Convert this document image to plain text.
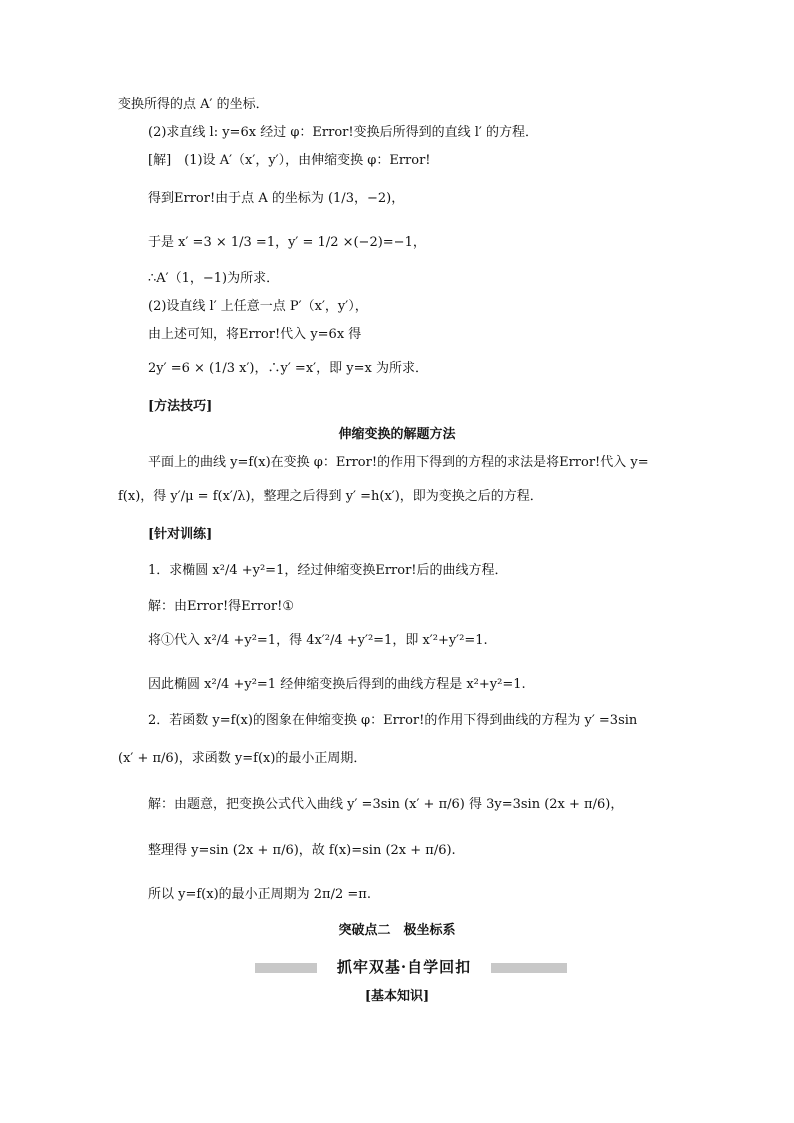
变换所得的点 A′ 的坐标．
(2)求直线 l: y=6x 经过 φ：Error!变换后所得到的直线 l′ 的方程．
[解]　(1)设 A′（x′，y′），由伸缩变换 φ：Error!
得到Error!由于点 A 的坐标为 (1/3，−2)，
于是 x′ =3 × 1/3 =1，y′ = 1/2 ×(−2)=−1，
∴A′（1，−1)为所求．
(2)设直线 l′ 上任意一点 P′（x′，y′），
由上述可知，将Error!代入 y=6x 得
2y′ =6 × (1/3 x′)，∴y′ =x′，即 y=x 为所求．
[方法技巧]
伸缩变换的解题方法
平面上的曲线 y=f(x)在变换 φ：Error!的作用下得到的方程的求法是将Error!代入 y=
f(x)，得 y′/μ = f(x′/λ)，整理之后得到 y′ =h(x′)，即为变换之后的方程．
[针对训练]
1．求椭圆 x²/4 +y²=1，经过伸缩变换Error!后的曲线方程．
解：由Error!得Error!①
将①代入 x²/4 +y²=1，得 4x′²/4 +y′²=1，即 x′²+y′²=1.
因此椭圆 x²/4 +y²=1 经伸缩变换后得到的曲线方程是 x²+y²=1.
2．若函数 y=f(x)的图象在伸缩变换 φ：Error!的作用下得到曲线的方程为 y′ =3sin
(x′ + π/6)，求函数 y=f(x)的最小正周期．
解：由题意，把变换公式代入曲线 y′ =3sin (x′ + π/6) 得 3y=3sin (2x + π/6)，
整理得 y=sin (2x + π/6)，故 f(x)=sin (2x + π/6).
所以 y=f(x)的最小正周期为 2π/2 =π.
突破点二　极坐标系
抓牢双基·自学回扣
[基本知识]
